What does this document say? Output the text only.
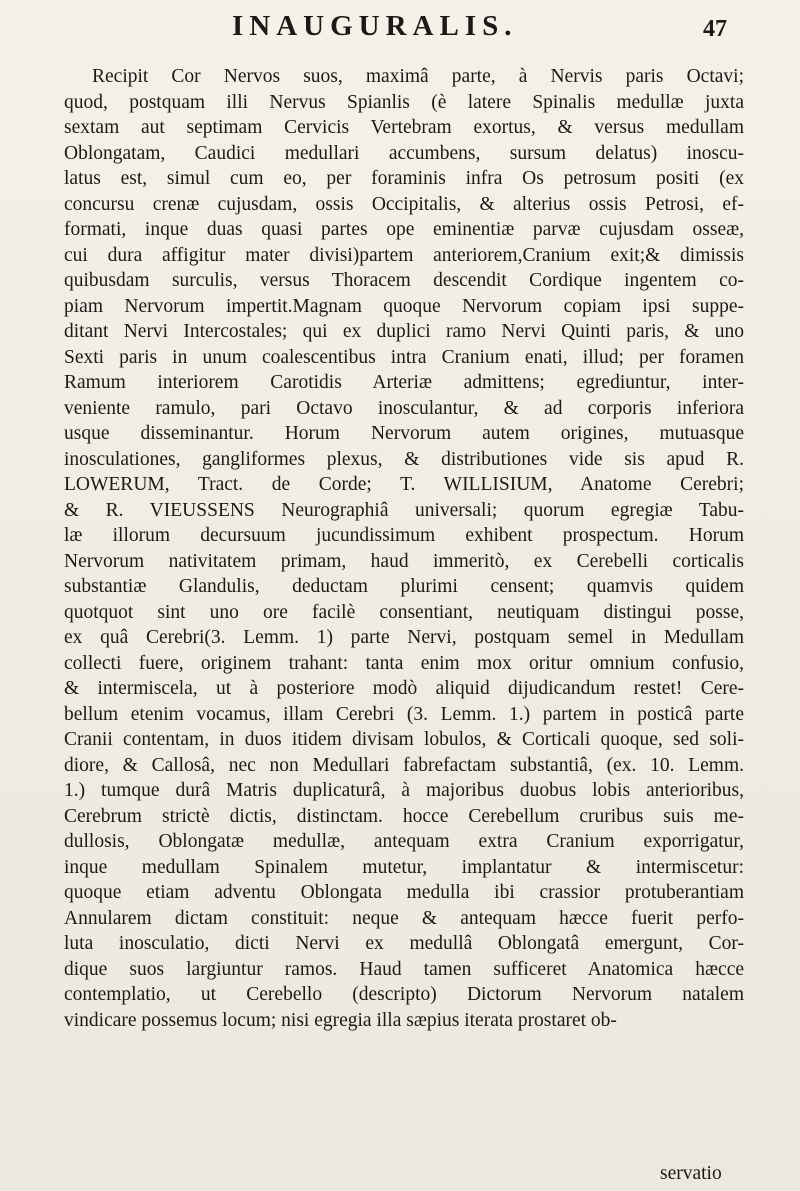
INAUGURALIS.	47
Recipit Cor Nervos suos, maximâ parte, à Nervis paris Octavi;
quod, postquam illi Nervus Spianlis (è latere Spinalis medullæ juxta
sextam aut septimam Cervicis Vertebram exortus, & versus medullam
Oblongatam, Caudici medullari accumbens, sursum delatus) inoscu-
latus est, simul cum eo, per foraminis infra Os petrosum positi (ex
concursu crenæ cujusdam, ossis Occipitalis, & alterius ossis Petrosi, ef-
formati, inque duas quasi partes ope eminentiæ parvæ cujusdam osseæ,
cui dura affigitur mater divisi)partem anteriorem,Cranium exit;& dimissis
quibusdam surculis, versus Thoracem descendit Cordique ingentem co-
piam Nervorum impertit.Magnam quoque Nervorum copiam ipsi suppe-
ditant Nervi Intercostales; qui ex duplici ramo Nervi Quinti paris, & uno
Sexti paris in unum coalescentibus intra Cranium enati, illud; per foramen
Ramum interiorem Carotidis Arteriæ admittens; egrediuntur, inter-
veniente ramulo, pari Octavo inosculantur, & ad corporis inferiora
usque disseminantur. Horum Nervorum autem origines, mutuasque
inosculationes, gangliformes plexus, & distributiones vide sis apud R.
LOWERUM, Tract. de Corde; T. WILLISIUM, Anatome Cerebri;
& R. VIEUSSENS Neurographiâ universali; quorum egregiæ Tabu-
læ illorum decursuum jucundissimum exhibent prospectum. Horum
Nervorum nativitatem primam, haud immeritò, ex Cerebelli corticalis
substantiæ Glandulis, deductam plurimi censent; quamvis quidem
quotquot sint uno ore facilè consentiant, neutiquam distingui posse,
ex quâ Cerebri(3. Lemm. 1) parte Nervi, postquam semel in Medullam
collecti fuere, originem trahant: tanta enim mox oritur omnium confusio,
& intermiscela, ut à posteriore modò aliquid dijudicandum restet! Cere-
bellum etenim vocamus, illam Cerebri (3. Lemm. 1.) partem in posticâ parte
Cranii contentam, in duos itidem divisam lobulos, & Corticali quoque, sed soli-
diore, & Callosâ, nec non Medullari fabrefactam substantiâ, (ex. 10. Lemm.
1.) tumque durâ Matris duplicaturâ, à majoribus duobus lobis anterioribus,
Cerebrum strictè dictis, distinctam. hocce Cerebellum cruribus suis me-
dullosis, Oblongatæ medullæ, antequam extra Cranium exporrigatur,
inque medullam Spinalem mutetur, implantatur & intermiscetur:
quoque etiam adventu Oblongata medulla ibi crassior protuberantiam
Annularem dictam constituit: neque & antequam hæcce fuerit perfo-
luta inosculatio, dicti Nervi ex medullâ Oblongatâ emergunt, Cor-
dique suos largiuntur ramos. Haud tamen sufficeret Anatomica hæcce
contemplatio, ut Cerebello (descripto) Dictorum Nervorum natalem
vindicare possemus locum; nisi egregia illa sæpius iterata prostaret ob-
servatio
